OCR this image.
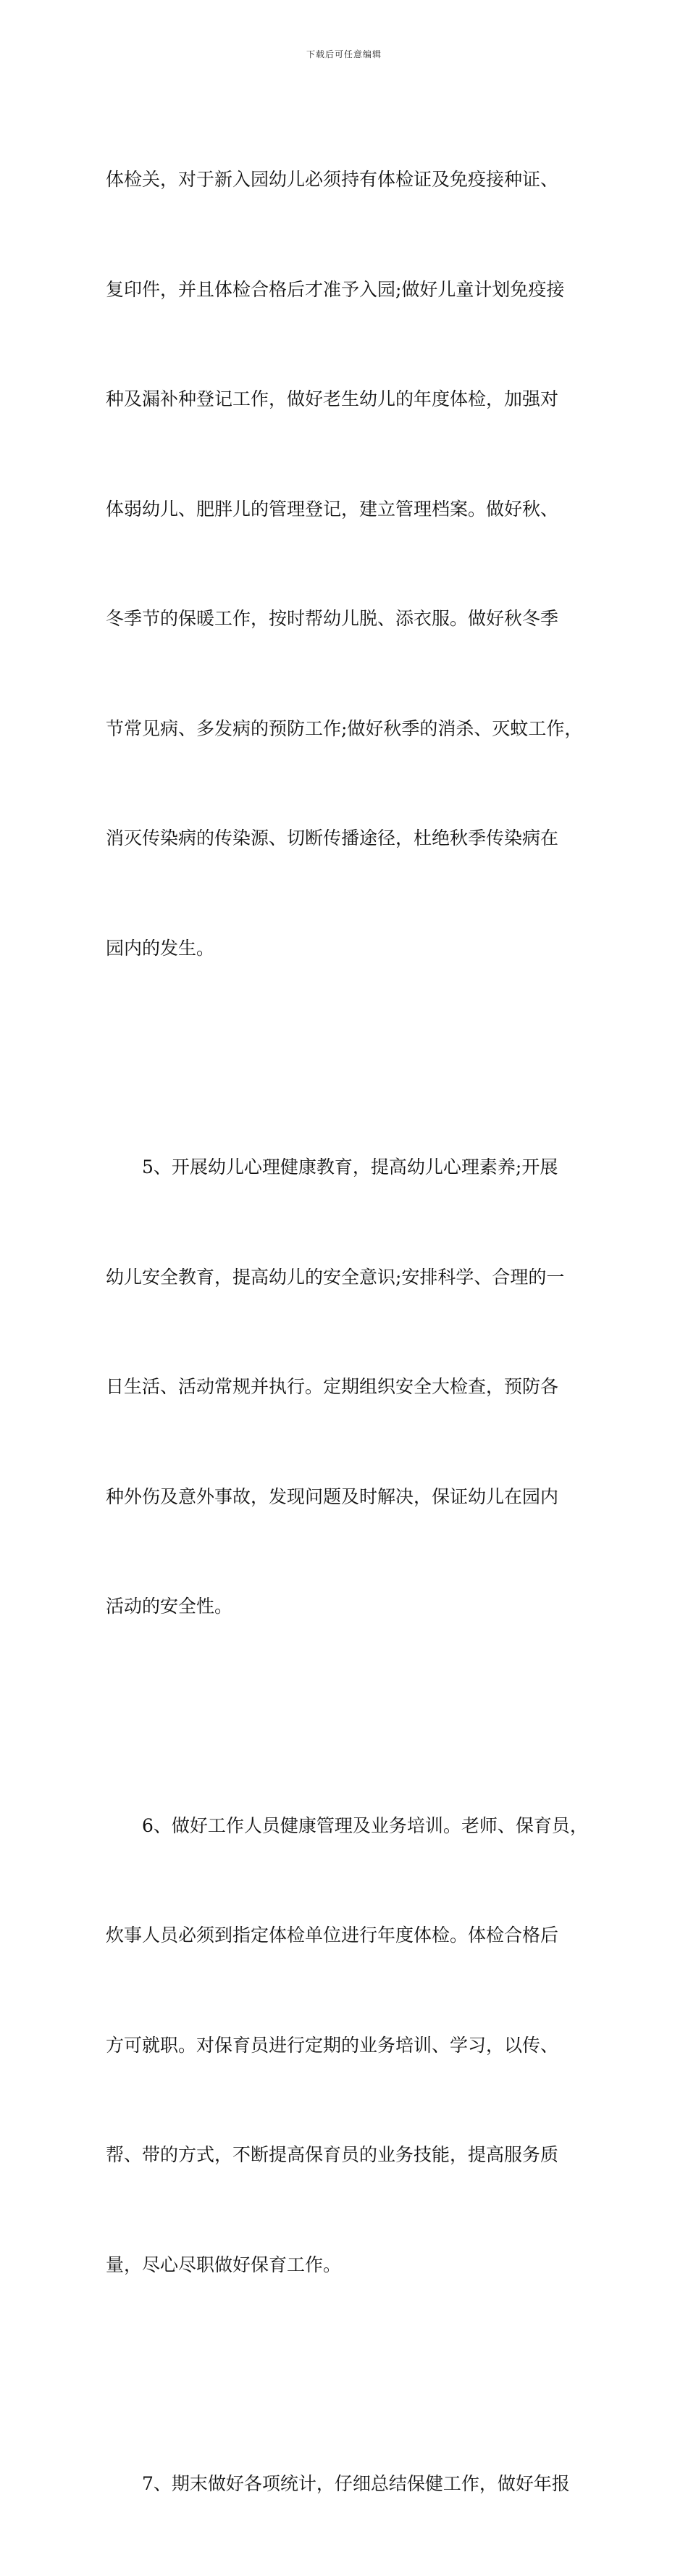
下载后可任意编辑

体检关，对于新入园幼儿必须持有体检证及免疫接种证、

复印件，并且体检合格后才准予入园;做好儿童计划免疫接

种及漏补种登记工作，做好老生幼儿的年度体检，加强对

体弱幼儿、肥胖儿的管理登记，建立管理档案。做好秋、

冬季节的保暖工作，按时帮幼儿脱、添衣服。做好秋冬季

节常见病、多发病的预防工作;做好秋季的消杀、灭蚊工作，

消灭传染病的传染源、切断传播途径，杜绝秋季传染病在

园内的发生。

　　5、开展幼儿心理健康教育，提高幼儿心理素养;开展

幼儿安全教育，提高幼儿的安全意识;安排科学、合理的一

日生活、活动常规并执行。定期组织安全大检查，预防各

种外伤及意外事故，发现问题及时解决，保证幼儿在园内

活动的安全性。

　　6、做好工作人员健康管理及业务培训。老师、保育员，

炊事人员必须到指定体检单位进行年度体检。体检合格后

方可就职。对保育员进行定期的业务培训、学习，以传、

帮、带的方式，不断提高保育员的业务技能，提高服务质

量，尽心尽职做好保育工作。

　　7、期末做好各项统计，仔细总结保健工作，做好年报
